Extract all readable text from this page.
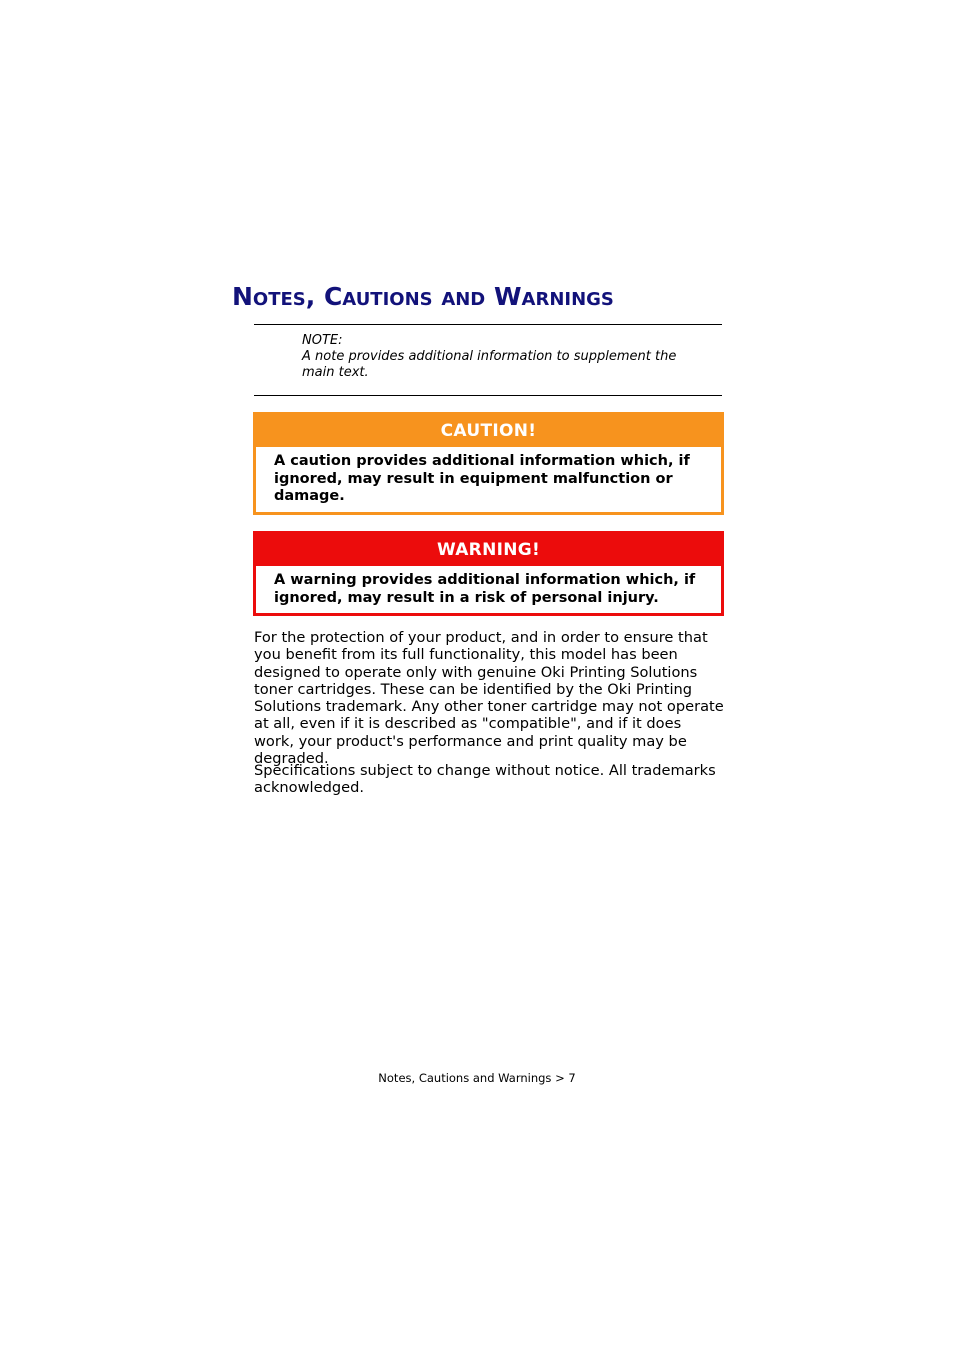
Notes, Cautions and Warnings
NOTE:
A note provides additional information to supplement the
main text.
CAUTION!
A caution provides additional information which, if ignored, may result in equipment malfunction or damage.
WARNING!
A warning provides additional information which, if ignored, may result in a risk of personal injury.

For the protection of your product, and in order to ensure that you benefit from its full functionality, this model has been designed to operate only with genuine Oki Printing Solutions toner cartridges. These can be identified by the Oki Printing Solutions trademark. Any other toner cartridge may not operate at all, even if it is described as "compatible", and if it does work, your product's performance and print quality may be degraded.

Specifications subject to change without notice. All trademarks acknowledged.

Notes, Cautions and Warnings > 7
